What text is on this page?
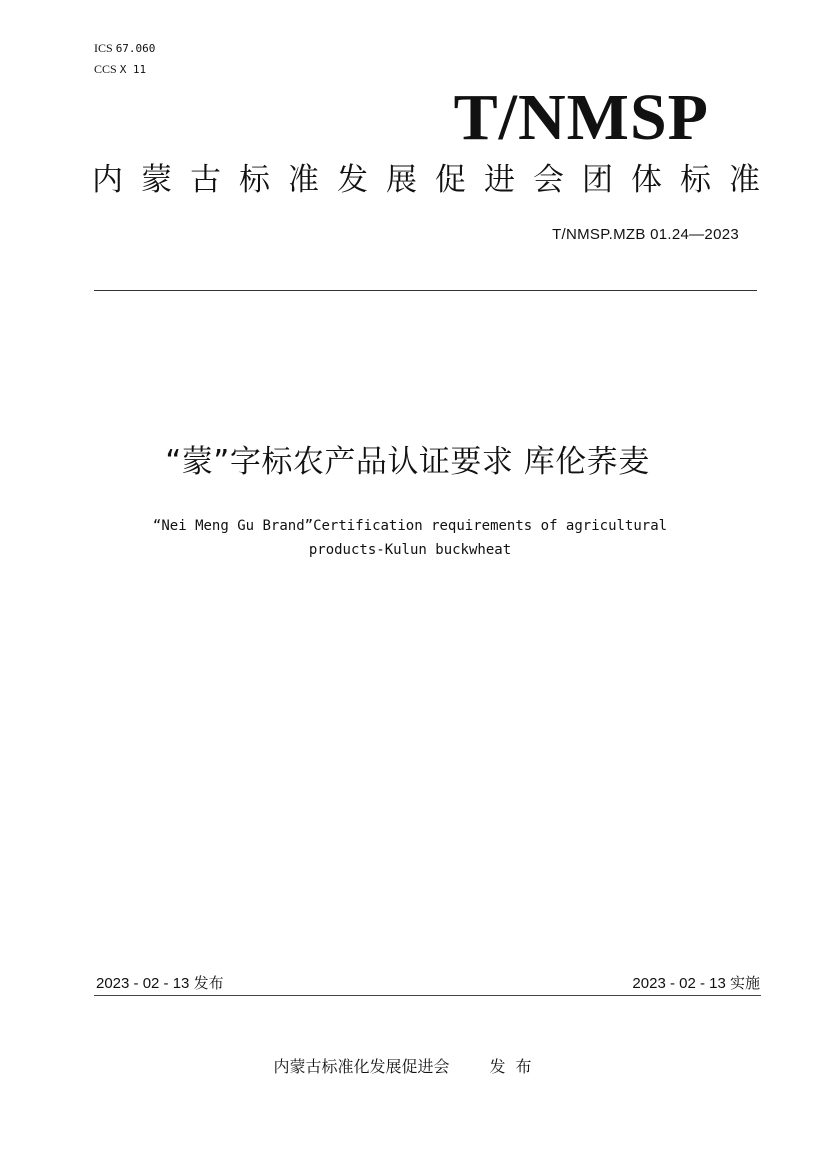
ICS 67.060
CCS X 11
T/NMSP
内 蒙 古 标 准 发 展 促 进 会 团 体 标 准
T/NMSP.MZB 01.24—2023
“蒙”字标农产品认证要求 库伦荞麦
“Nei Meng Gu Brand”Certification requirements of agricultural
products-Kulun buckwheat
2023 - 02 - 13 发布	2023 - 02 - 13 实施
内蒙古标准化发展促进会	发布
